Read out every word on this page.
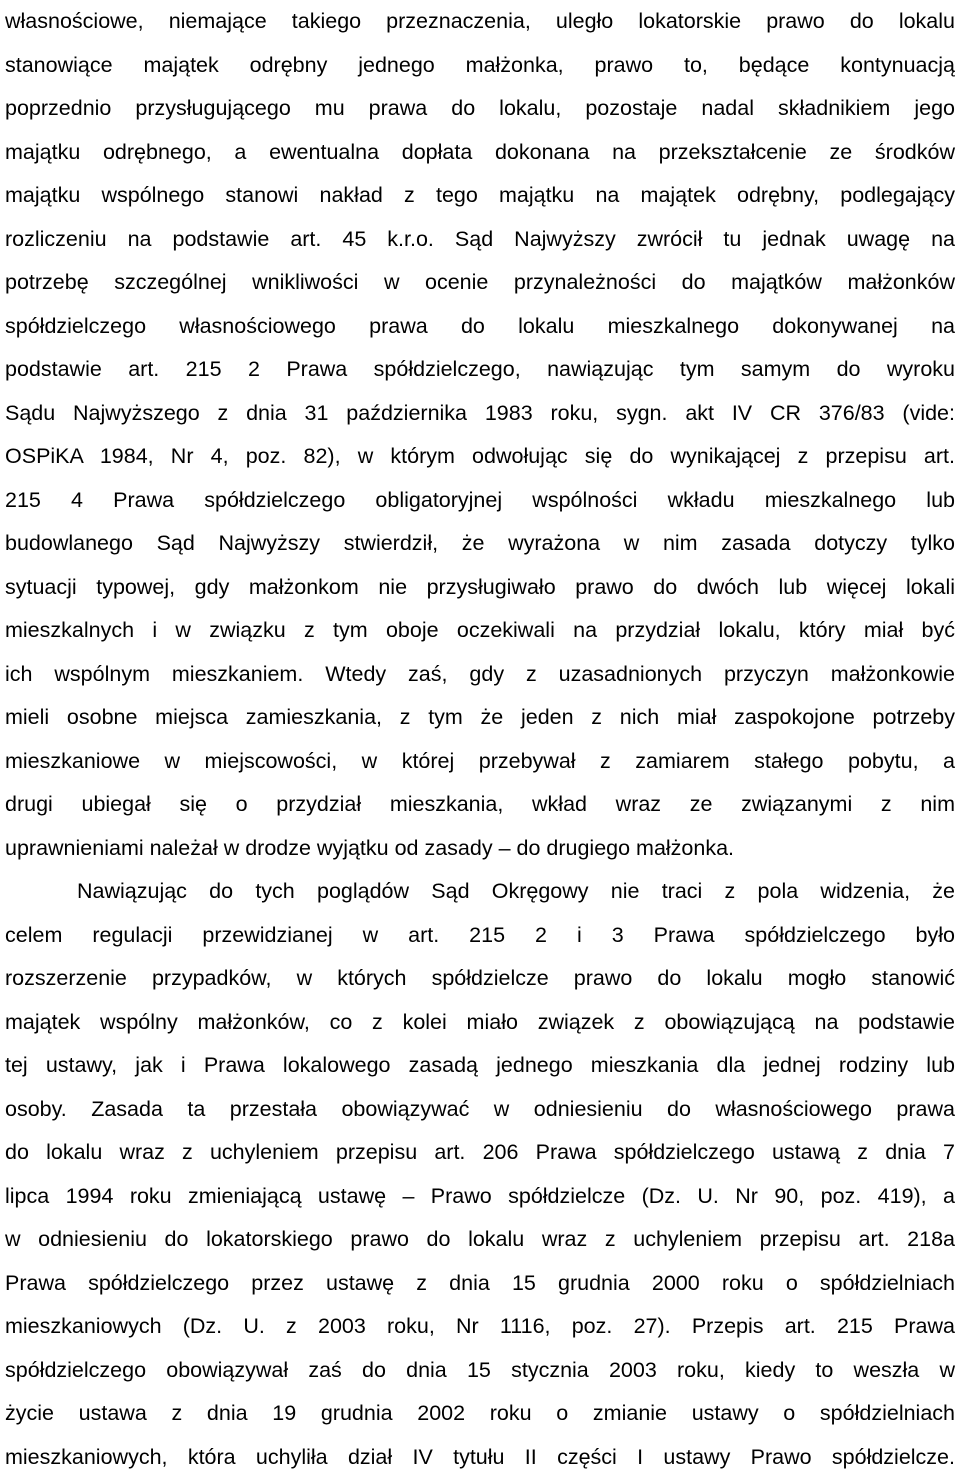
własnościowe, niemające takiego przeznaczenia, uległo lokatorskie prawo do lokalu
stanowiące majątek odrębny jednego małżonka, prawo to, będące kontynuacją
poprzednio przysługującego mu prawa do lokalu, pozostaje nadal składnikiem jego
majątku odrębnego, a ewentualna dopłata dokonana na przekształcenie ze środków
majątku wspólnego stanowi nakład z tego majątku na majątek odrębny, podlegający
rozliczeniu na podstawie art. 45 k.r.o. Sąd Najwyższy zwrócił tu jednak uwagę na
potrzebę szczególnej wnikliwości w ocenie przynależności do majątków małżonków
spółdzielczego własnościowego prawa do lokalu mieszkalnego dokonywanej na
podstawie art. 215 2 Prawa spółdzielczego, nawiązując tym samym do wyroku
Sądu Najwyższego z dnia 31 października 1983 roku, sygn. akt IV CR 376/83 (vide:
OSPiKA 1984, Nr 4, poz. 82), w którym odwołując się do wynikającej z przepisu art.
215 4 Prawa spółdzielczego obligatoryjnej wspólności wkładu mieszkalnego lub
budowlanego Sąd Najwyższy stwierdził, że wyrażona w nim zasada dotyczy tylko
sytuacji typowej, gdy małżonkom nie przysługiwało prawo do dwóch lub więcej lokali
mieszkalnych i w związku z tym oboje oczekiwali na przydział lokalu, który miał być
ich wspólnym mieszkaniem. Wtedy zaś, gdy z uzasadnionych przyczyn małżonkowie
mieli osobne miejsca zamieszkania, z tym że jeden z nich miał zaspokojone potrzeby
mieszkaniowe w miejscowości, w której przebywał z zamiarem stałego pobytu, a
drugi ubiegał się o przydział mieszkania, wkład wraz ze związanymi z nim
uprawnieniami należał w drodze wyjątku od zasady – do drugiego małżonka.
Nawiązując do tych poglądów Sąd Okręgowy nie traci z pola widzenia, że
celem regulacji przewidzianej w art. 215 2 i 3 Prawa spółdzielczego było
rozszerzenie przypadków, w których spółdzielcze prawo do lokalu mogło stanowić
majątek wspólny małżonków, co z kolei miało związek z obowiązującą na podstawie
tej ustawy, jak i Prawa lokalowego zasadą jednego mieszkania dla jednej rodziny lub
osoby. Zasada ta przestała obowiązywać w odniesieniu do własnościowego prawa
do lokalu wraz z uchyleniem przepisu art. 206 Prawa spółdzielczego ustawą z dnia 7
lipca 1994 roku zmieniającą ustawę – Prawo spółdzielcze (Dz. U. Nr 90, poz. 419), a
w odniesieniu do lokatorskiego prawo do lokalu wraz z uchyleniem przepisu art. 218a
Prawa spółdzielczego przez ustawę z dnia 15 grudnia 2000 roku o spółdzielniach
mieszkaniowych (Dz. U. z 2003 roku, Nr 1116, poz. 27). Przepis art. 215 Prawa
spółdzielczego obowiązywał zaś do dnia 15 stycznia 2003 roku, kiedy to weszła w
życie ustawa z dnia 19 grudnia 2002 roku o zmianie ustawy o spółdzielniach
mieszkaniowych, która uchyliła dział IV tytułu II części I ustawy Prawo spółdzielcze.
